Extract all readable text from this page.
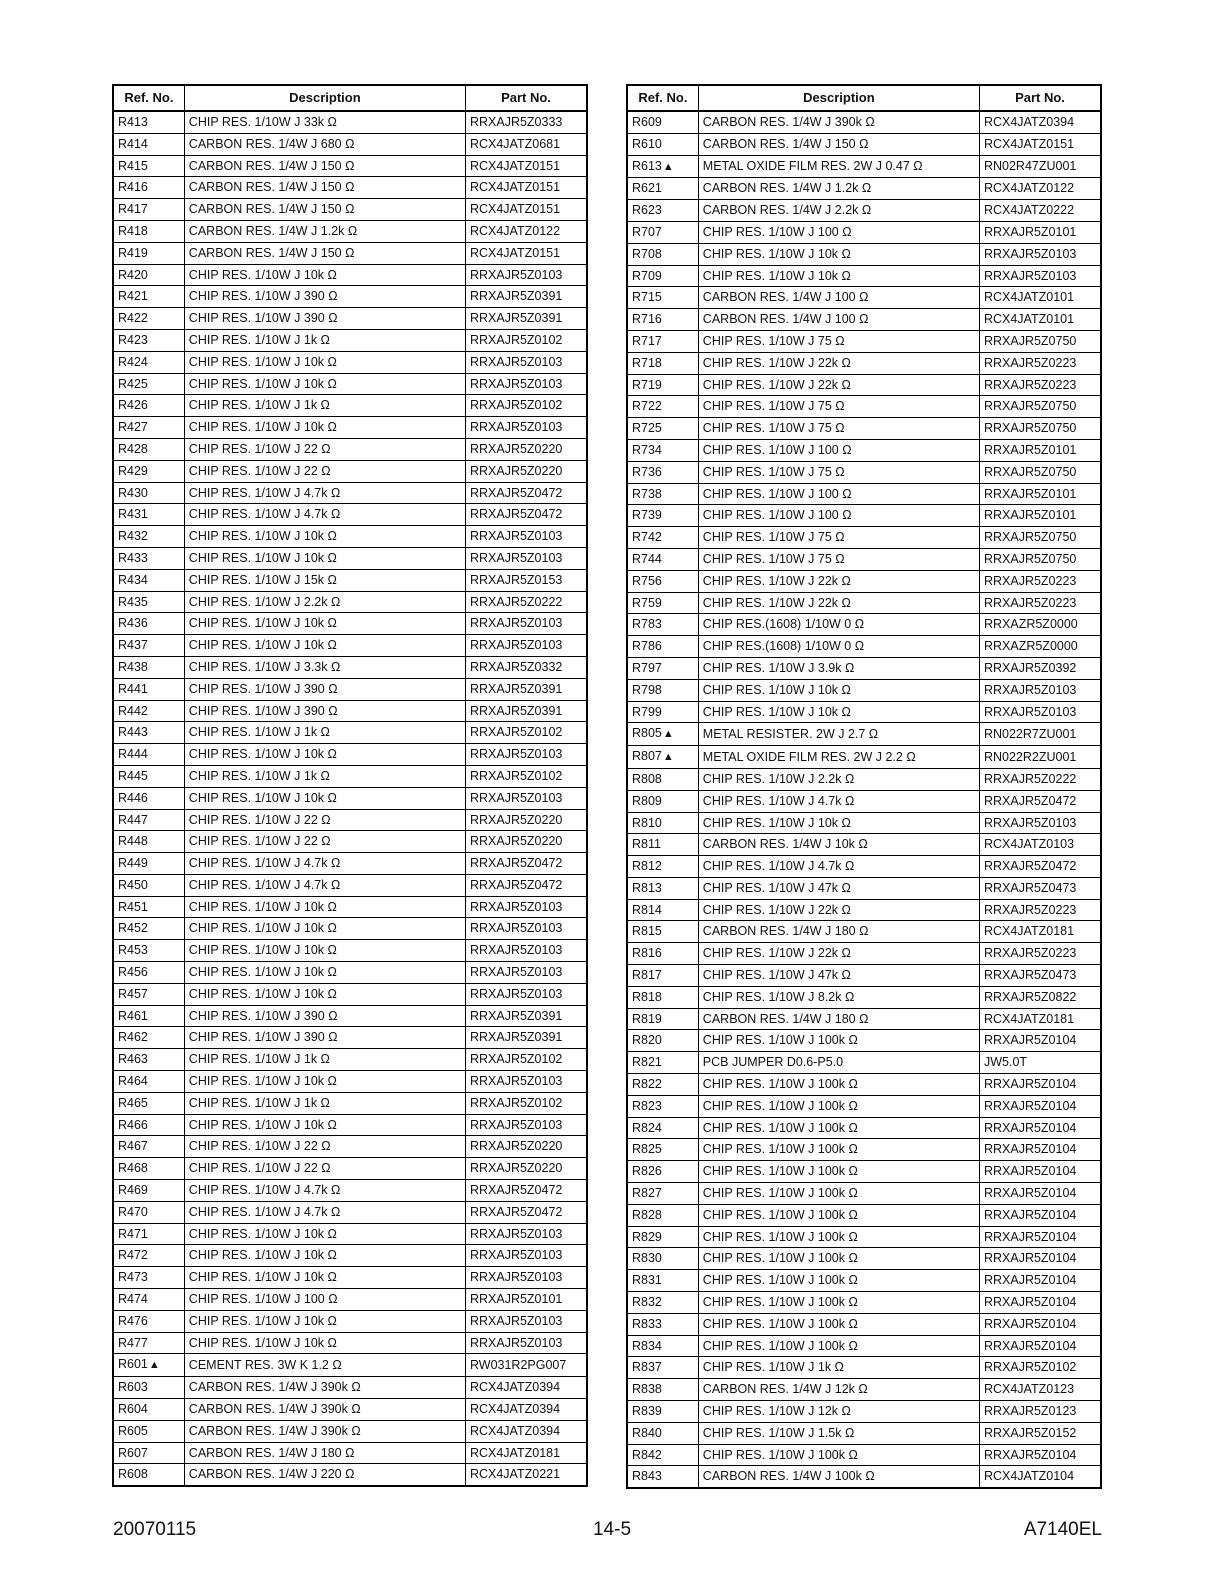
Ref. No.	Description	Part No.
R413	CHIP RES. 1/10W J 33k Ω	RRXAJR5Z0333
R414	CARBON RES. 1/4W J 680 Ω	RCX4JATZ0681
R415	CARBON RES. 1/4W J 150 Ω	RCX4JATZ0151
R416	CARBON RES. 1/4W J 150 Ω	RCX4JATZ0151
R417	CARBON RES. 1/4W J 150 Ω	RCX4JATZ0151
R418	CARBON RES. 1/4W J 1.2k Ω	RCX4JATZ0122
R419	CARBON RES. 1/4W J 150 Ω	RCX4JATZ0151
R420	CHIP RES. 1/10W J 10k Ω	RRXAJR5Z0103
R421	CHIP RES. 1/10W J 390 Ω	RRXAJR5Z0391
R422	CHIP RES. 1/10W J 390 Ω	RRXAJR5Z0391
R423	CHIP RES. 1/10W J 1k Ω	RRXAJR5Z0102
R424	CHIP RES. 1/10W J 10k Ω	RRXAJR5Z0103
R425	CHIP RES. 1/10W J 10k Ω	RRXAJR5Z0103
R426	CHIP RES. 1/10W J 1k Ω	RRXAJR5Z0102
R427	CHIP RES. 1/10W J 10k Ω	RRXAJR5Z0103
R428	CHIP RES. 1/10W J 22 Ω	RRXAJR5Z0220
R429	CHIP RES. 1/10W J 22 Ω	RRXAJR5Z0220
R430	CHIP RES. 1/10W J 4.7k Ω	RRXAJR5Z0472
R431	CHIP RES. 1/10W J 4.7k Ω	RRXAJR5Z0472
R432	CHIP RES. 1/10W J 10k Ω	RRXAJR5Z0103
R433	CHIP RES. 1/10W J 10k Ω	RRXAJR5Z0103
R434	CHIP RES. 1/10W J 15k Ω	RRXAJR5Z0153
R435	CHIP RES. 1/10W J 2.2k Ω	RRXAJR5Z0222
R436	CHIP RES. 1/10W J 10k Ω	RRXAJR5Z0103
R437	CHIP RES. 1/10W J 10k Ω	RRXAJR5Z0103
R438	CHIP RES. 1/10W J 3.3k Ω	RRXAJR5Z0332
R441	CHIP RES. 1/10W J 390 Ω	RRXAJR5Z0391
R442	CHIP RES. 1/10W J 390 Ω	RRXAJR5Z0391
R443	CHIP RES. 1/10W J 1k Ω	RRXAJR5Z0102
R444	CHIP RES. 1/10W J 10k Ω	RRXAJR5Z0103
R445	CHIP RES. 1/10W J 1k Ω	RRXAJR5Z0102
R446	CHIP RES. 1/10W J 10k Ω	RRXAJR5Z0103
R447	CHIP RES. 1/10W J 22 Ω	RRXAJR5Z0220
R448	CHIP RES. 1/10W J 22 Ω	RRXAJR5Z0220
R449	CHIP RES. 1/10W J 4.7k Ω	RRXAJR5Z0472
R450	CHIP RES. 1/10W J 4.7k Ω	RRXAJR5Z0472
R451	CHIP RES. 1/10W J 10k Ω	RRXAJR5Z0103
R452	CHIP RES. 1/10W J 10k Ω	RRXAJR5Z0103
R453	CHIP RES. 1/10W J 10k Ω	RRXAJR5Z0103
R456	CHIP RES. 1/10W J 10k Ω	RRXAJR5Z0103
R457	CHIP RES. 1/10W J 10k Ω	RRXAJR5Z0103
R461	CHIP RES. 1/10W J 390 Ω	RRXAJR5Z0391
R462	CHIP RES. 1/10W J 390 Ω	RRXAJR5Z0391
R463	CHIP RES. 1/10W J 1k Ω	RRXAJR5Z0102
R464	CHIP RES. 1/10W J 10k Ω	RRXAJR5Z0103
R465	CHIP RES. 1/10W J 1k Ω	RRXAJR5Z0102
R466	CHIP RES. 1/10W J 10k Ω	RRXAJR5Z0103
R467	CHIP RES. 1/10W J 22 Ω	RRXAJR5Z0220
R468	CHIP RES. 1/10W J 22 Ω	RRXAJR5Z0220
R469	CHIP RES. 1/10W J 4.7k Ω	RRXAJR5Z0472
R470	CHIP RES. 1/10W J 4.7k Ω	RRXAJR5Z0472
R471	CHIP RES. 1/10W J 10k Ω	RRXAJR5Z0103
R472	CHIP RES. 1/10W J 10k Ω	RRXAJR5Z0103
R473	CHIP RES. 1/10W J 10k Ω	RRXAJR5Z0103
R474	CHIP RES. 1/10W J 100 Ω	RRXAJR5Z0101
R476	CHIP RES. 1/10W J 10k Ω	RRXAJR5Z0103
R477	CHIP RES. 1/10W J 10k Ω	RRXAJR5Z0103
R601▲	CEMENT RES. 3W K 1.2 Ω	RW031R2PG007
R603	CARBON RES. 1/4W J 390k Ω	RCX4JATZ0394
R604	CARBON RES. 1/4W J 390k Ω	RCX4JATZ0394
R605	CARBON RES. 1/4W J 390k Ω	RCX4JATZ0394
R607	CARBON RES. 1/4W J 180 Ω	RCX4JATZ0181
R608	CARBON RES. 1/4W J 220 Ω	RCX4JATZ0221
Ref. No.	Description	Part No.
R609	CARBON RES. 1/4W J 390k Ω	RCX4JATZ0394
R610	CARBON RES. 1/4W J 150 Ω	RCX4JATZ0151
R613▲	METAL OXIDE FILM RES. 2W J 0.47 Ω	RN02R47ZU001
R621	CARBON RES. 1/4W J 1.2k Ω	RCX4JATZ0122
R623	CARBON RES. 1/4W J 2.2k Ω	RCX4JATZ0222
R707	CHIP RES. 1/10W J 100 Ω	RRXAJR5Z0101
R708	CHIP RES. 1/10W J 10k Ω	RRXAJR5Z0103
R709	CHIP RES. 1/10W J 10k Ω	RRXAJR5Z0103
R715	CARBON RES. 1/4W J 100 Ω	RCX4JATZ0101
R716	CARBON RES. 1/4W J 100 Ω	RCX4JATZ0101
R717	CHIP RES. 1/10W J 75 Ω	RRXAJR5Z0750
R718	CHIP RES. 1/10W J 22k Ω	RRXAJR5Z0223
R719	CHIP RES. 1/10W J 22k Ω	RRXAJR5Z0223
R722	CHIP RES. 1/10W J 75 Ω	RRXAJR5Z0750
R725	CHIP RES. 1/10W J 75 Ω	RRXAJR5Z0750
R734	CHIP RES. 1/10W J 100 Ω	RRXAJR5Z0101
R736	CHIP RES. 1/10W J 75 Ω	RRXAJR5Z0750
R738	CHIP RES. 1/10W J 100 Ω	RRXAJR5Z0101
R739	CHIP RES. 1/10W J 100 Ω	RRXAJR5Z0101
R742	CHIP RES. 1/10W J 75 Ω	RRXAJR5Z0750
R744	CHIP RES. 1/10W J 75 Ω	RRXAJR5Z0750
R756	CHIP RES. 1/10W J 22k Ω	RRXAJR5Z0223
R759	CHIP RES. 1/10W J 22k Ω	RRXAJR5Z0223
R783	CHIP RES.(1608) 1/10W 0 Ω	RRXAZR5Z0000
R786	CHIP RES.(1608) 1/10W 0 Ω	RRXAZR5Z0000
R797	CHIP RES. 1/10W J 3.9k Ω	RRXAJR5Z0392
R798	CHIP RES. 1/10W J 10k Ω	RRXAJR5Z0103
R799	CHIP RES. 1/10W J 10k Ω	RRXAJR5Z0103
R805▲	METAL RESISTER. 2W J 2.7 Ω	RN022R7ZU001
R807▲	METAL OXIDE FILM RES. 2W J 2.2 Ω	RN022R2ZU001
R808	CHIP RES. 1/10W J 2.2k Ω	RRXAJR5Z0222
R809	CHIP RES. 1/10W J 4.7k Ω	RRXAJR5Z0472
R810	CHIP RES. 1/10W J 10k Ω	RRXAJR5Z0103
R811	CARBON RES. 1/4W J 10k Ω	RCX4JATZ0103
R812	CHIP RES. 1/10W J 4.7k Ω	RRXAJR5Z0472
R813	CHIP RES. 1/10W J 47k Ω	RRXAJR5Z0473
R814	CHIP RES. 1/10W J 22k Ω	RRXAJR5Z0223
R815	CARBON RES. 1/4W J 180 Ω	RCX4JATZ0181
R816	CHIP RES. 1/10W J 22k Ω	RRXAJR5Z0223
R817	CHIP RES. 1/10W J 47k Ω	RRXAJR5Z0473
R818	CHIP RES. 1/10W J 8.2k Ω	RRXAJR5Z0822
R819	CARBON RES. 1/4W J 180 Ω	RCX4JATZ0181
R820	CHIP RES. 1/10W J 100k Ω	RRXAJR5Z0104
R821	PCB JUMPER D0.6-P5.0	JW5.0T
R822	CHIP RES. 1/10W J 100k Ω	RRXAJR5Z0104
R823	CHIP RES. 1/10W J 100k Ω	RRXAJR5Z0104
R824	CHIP RES. 1/10W J 100k Ω	RRXAJR5Z0104
R825	CHIP RES. 1/10W J 100k Ω	RRXAJR5Z0104
R826	CHIP RES. 1/10W J 100k Ω	RRXAJR5Z0104
R827	CHIP RES. 1/10W J 100k Ω	RRXAJR5Z0104
R828	CHIP RES. 1/10W J 100k Ω	RRXAJR5Z0104
R829	CHIP RES. 1/10W J 100k Ω	RRXAJR5Z0104
R830	CHIP RES. 1/10W J 100k Ω	RRXAJR5Z0104
R831	CHIP RES. 1/10W J 100k Ω	RRXAJR5Z0104
R832	CHIP RES. 1/10W J 100k Ω	RRXAJR5Z0104
R833	CHIP RES. 1/10W J 100k Ω	RRXAJR5Z0104
R834	CHIP RES. 1/10W J 100k Ω	RRXAJR5Z0104
R837	CHIP RES. 1/10W J 1k Ω	RRXAJR5Z0102
R838	CARBON RES. 1/4W J 12k Ω	RCX4JATZ0123
R839	CHIP RES. 1/10W J 12k Ω	RRXAJR5Z0123
R840	CHIP RES. 1/10W J 1.5k Ω	RRXAJR5Z0152
R842	CHIP RES. 1/10W J 100k Ω	RRXAJR5Z0104
R843	CARBON RES. 1/4W J 100k Ω	RCX4JATZ0104
20070115	14-5	A7140EL
